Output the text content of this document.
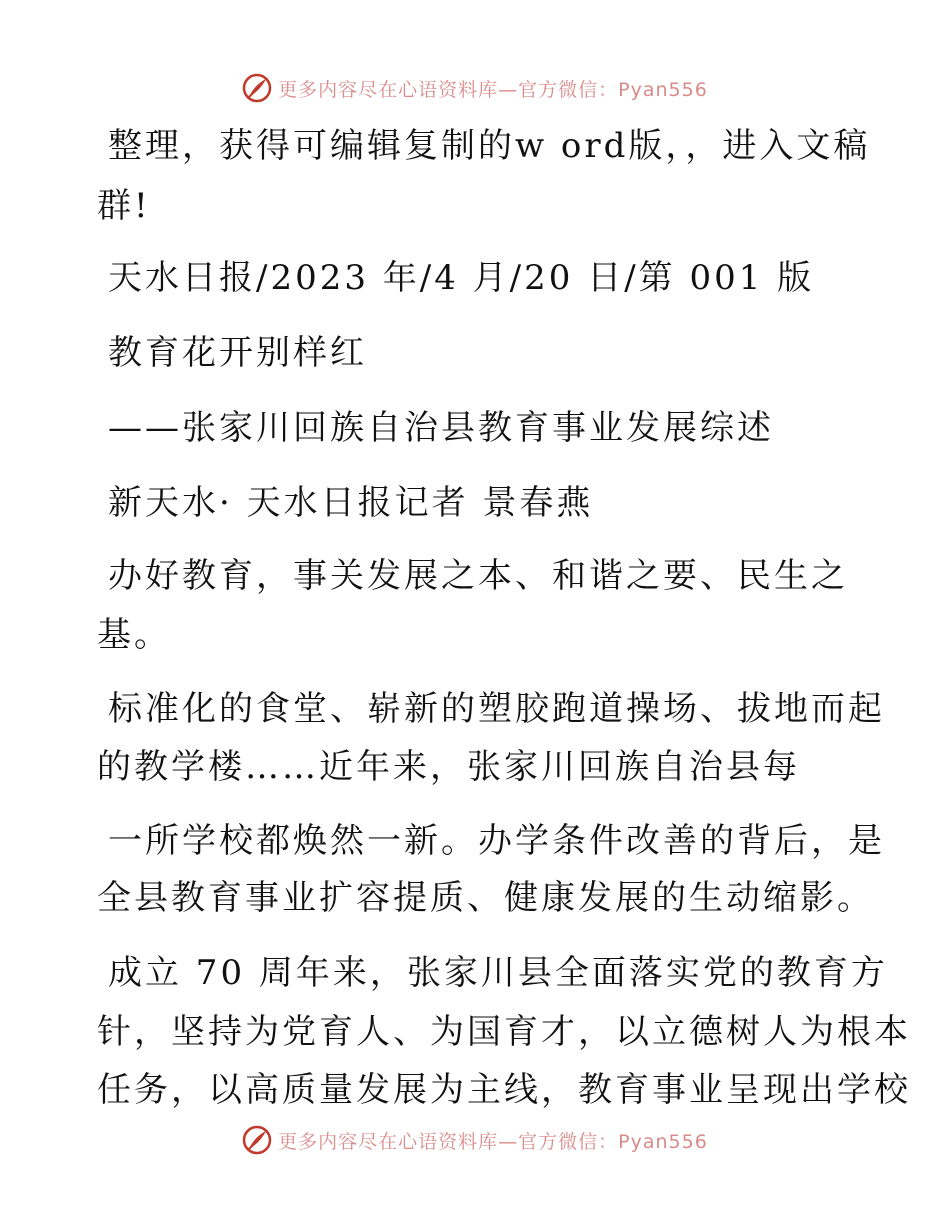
更多内容尽在心语资料库—官方微信：Pyan556
整理，获得可编辑复制的w ord版，，进入文稿
群!
天水日报/2023 年/4 月/20 日/第 001 版
教育花开别样红
——张家川回族自治县教育事业发展综述
新天水· 天水日报记者 景春燕
办好教育，事关发展之本、和谐之要、民生之
基。
标准化的食堂、崭新的塑胶跑道操场、拔地而起
的教学楼……近年来，张家川回族自治县每
一所学校都焕然一新。办学条件改善的背后，是
全县教育事业扩容提质、健康发展的生动缩影。
成立 70 周年来，张家川县全面落实党的教育方
针，坚持为党育人、为国育才，以立德树人为根本
任务，以高质量发展为主线，教育事业呈现出学校
更多内容尽在心语资料库—官方微信：Pyan556
